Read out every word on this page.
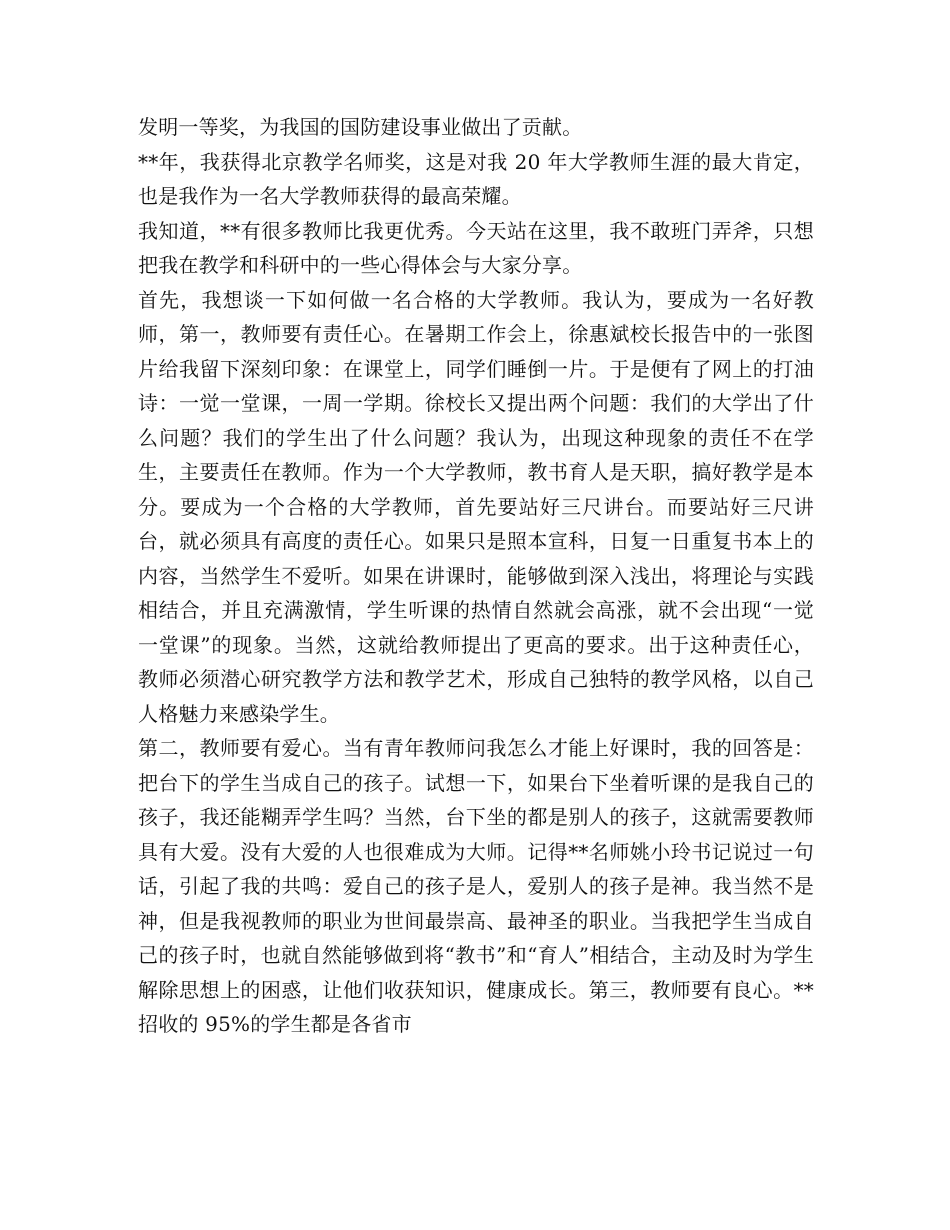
发明一等奖，为我国的国防建设事业做出了贡献。

**年，我获得北京教学名师奖，这是对我 20 年大学教师生涯的最大肯定，也是我作为一名大学教师获得的最高荣耀。

我知道，**有很多教师比我更优秀。今天站在这里，我不敢班门弄斧，只想把我在教学和科研中的一些心得体会与大家分享。

首先，我想谈一下如何做一名合格的大学教师。我认为，要成为一名好教师，第一，教师要有责任心。在暑期工作会上，徐惠斌校长报告中的一张图片给我留下深刻印象：在课堂上，同学们睡倒一片。于是便有了网上的打油诗：一觉一堂课，一周一学期。徐校长又提出两个问题：我们的大学出了什么问题？我们的学生出了什么问题？我认为，出现这种现象的责任不在学生，主要责任在教师。作为一个大学教师，教书育人是天职，搞好教学是本分。要成为一个合格的大学教师，首先要站好三尺讲台。而要站好三尺讲台，就必须具有高度的责任心。如果只是照本宣科，日复一日重复书本上的内容，当然学生不爱听。如果在讲课时，能够做到深入浅出，将理论与实践相结合，并且充满激情，学生听课的热情自然就会高涨，就不会出现“一觉一堂课”的现象。当然，这就给教师提出了更高的要求。出于这种责任心，教师必须潜心研究教学方法和教学艺术，形成自己独特的教学风格，以自己人格魅力来感染学生。

第二，教师要有爱心。当有青年教师问我怎么才能上好课时，我的回答是：把台下的学生当成自己的孩子。试想一下，如果台下坐着听课的是我自己的孩子，我还能糊弄学生吗？当然，台下坐的都是别人的孩子，这就需要教师具有大爱。没有大爱的人也很难成为大师。记得**名师姚小玲书记说过一句话，引起了我的共鸣：爱自己的孩子是人，爱别人的孩子是神。我当然不是神，但是我视教师的职业为世间最崇高、最神圣的职业。当我把学生当成自己的孩子时，也就自然能够做到将“教书”和“育人”相结合，主动及时为学生解除思想上的困惑，让他们收获知识，健康成长。第三，教师要有良心。**招收的 95%的学生都是各省市
